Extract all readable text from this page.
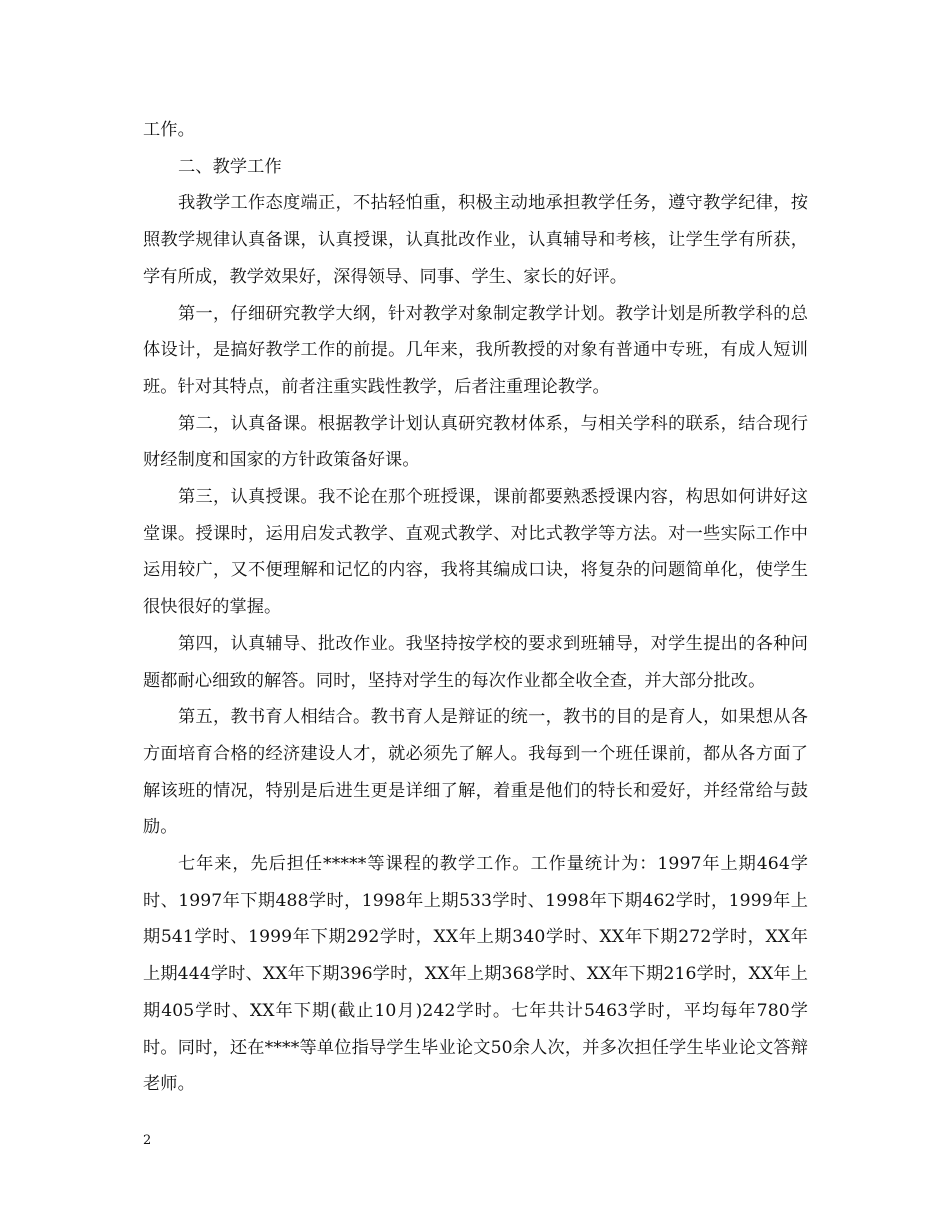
工作。

二、教学工作

我教学工作态度端正，不拈轻怕重，积极主动地承担教学任务，遵守教学纪律，按照教学规律认真备课，认真授课，认真批改作业，认真辅导和考核，让学生学有所获，学有所成，教学效果好，深得领导、同事、学生、家长的好评。

第一，仔细研究教学大纲，针对教学对象制定教学计划。教学计划是所教学科的总体设计，是搞好教学工作的前提。几年来，我所教授的对象有普通中专班，有成人短训班。针对其特点，前者注重实践性教学，后者注重理论教学。

第二，认真备课。根据教学计划认真研究教材体系，与相关学科的联系，结合现行财经制度和国家的方针政策备好课。

第三，认真授课。我不论在那个班授课，课前都要熟悉授课内容，构思如何讲好这堂课。授课时，运用启发式教学、直观式教学、对比式教学等方法。对一些实际工作中运用较广，又不便理解和记忆的内容，我将其编成口诀，将复杂的问题简单化，使学生很快很好的掌握。

第四，认真辅导、批改作业。我坚持按学校的要求到班辅导，对学生提出的各种问题都耐心细致的解答。同时，坚持对学生的每次作业都全收全查，并大部分批改。

第五，教书育人相结合。教书育人是辩证的统一，教书的目的是育人，如果想从各方面培育合格的经济建设人才，就必须先了解人。我每到一个班任课前，都从各方面了解该班的情况，特别是后进生更是详细了解，着重是他们的特长和爱好，并经常给与鼓励。

七年来，先后担任*****等课程的教学工作。工作量统计为：1997年上期464学时、1997年下期488学时，1998年上期533学时、1998年下期462学时，1999年上期541学时、1999年下期292学时，XX年上期340学时、XX年下期272学时，XX年上期444学时、XX年下期396学时，XX年上期368学时、XX年下期216学时，XX年上期405学时、XX年下期(截止10月)242学时。七年共计5463学时，平均每年780学时。同时，还在****等单位指导学生毕业论文50余人次，并多次担任学生毕业论文答辩老师。

2
